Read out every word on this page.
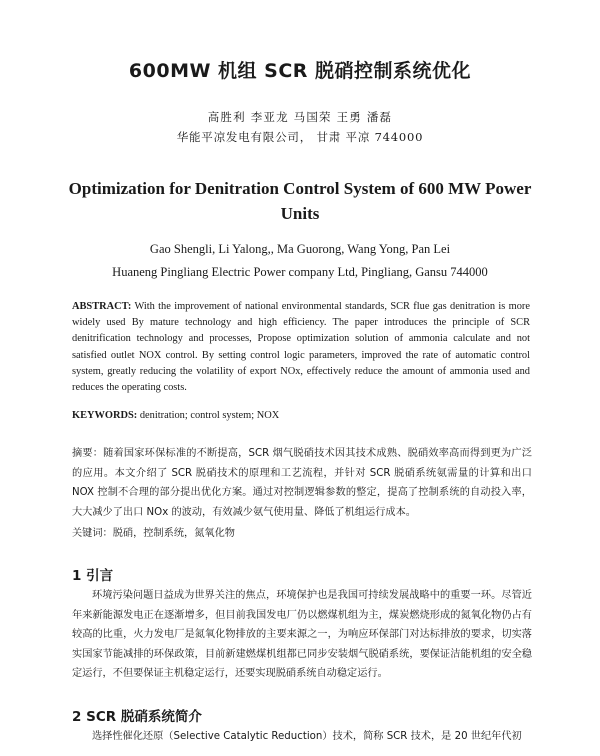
600MW 机组 SCR 脱硝控制系统优化
高胜利 李亚龙 马国荣 王勇 潘磊
华能平凉发电有限公司， 甘肃 平凉 744000
Optimization for Denitration Control System of 600 MW Power Units
Gao Shengli, Li Yalong,, Ma Guorong, Wang Yong, Pan Lei
Huaneng Pingliang Electric Power company Ltd, Pingliang, Gansu 744000
ABSTRACT: With the improvement of national environmental standards, SCR flue gas denitration is more widely used By mature technology and high efficiency. The paper introduces the principle of SCR denitrification technology and processes, Propose optimization solution of ammonia calculate and not satisfied outlet NOX control. By setting control logic parameters, improved the rate of automatic control system, greatly reducing the volatility of export NOx, effectively reduce the amount of ammonia used and reduces the operating costs.
KEYWORDS: denitration; control system; NOX
摘要：随着国家环保标准的不断提高，SCR 烟气脱硝技术因其技术成熟、脱硝效率高而得到更为广泛的应用。本文介绍了 SCR 脱硝技术的原理和工艺流程，并针对 SCR 脱硝系统氨需量的计算和出口 NOX 控制不合理的部分提出优化方案。通过对控制逻辑参数的整定，提高了控制系统的自动投入率，大大减少了出口 NOx 的波动，有效减少氨气使用量、降低了机组运行成本。
关键词：脱硝，控制系统，氮氧化物
1 引言
环境污染问题日益成为世界关注的焦点，环境保护也是我国可持续发展战略中的重要一环。尽管近年来新能源发电正在逐渐增多，但目前我国发电厂仍以燃煤机组为主，煤炭燃烧形成的氮氧化物仍占有较高的比重，火力发电厂是氮氧化物排放的主要来源之一，为响应环保部门对达标排放的要求，切实落实国家节能减排的环保政策，目前新建燃煤机组都已同步安装烟气脱硝系统，要保证洁能机组的安全稳定运行，不但要保证主机稳定运行，还要实现脱硝系统自动稳定运行。
2 SCR 脱硝系统简介
选择性催化还原（Selective Catalytic Reduction）技术，简称 SCR 技术，是 20 世纪年代初
